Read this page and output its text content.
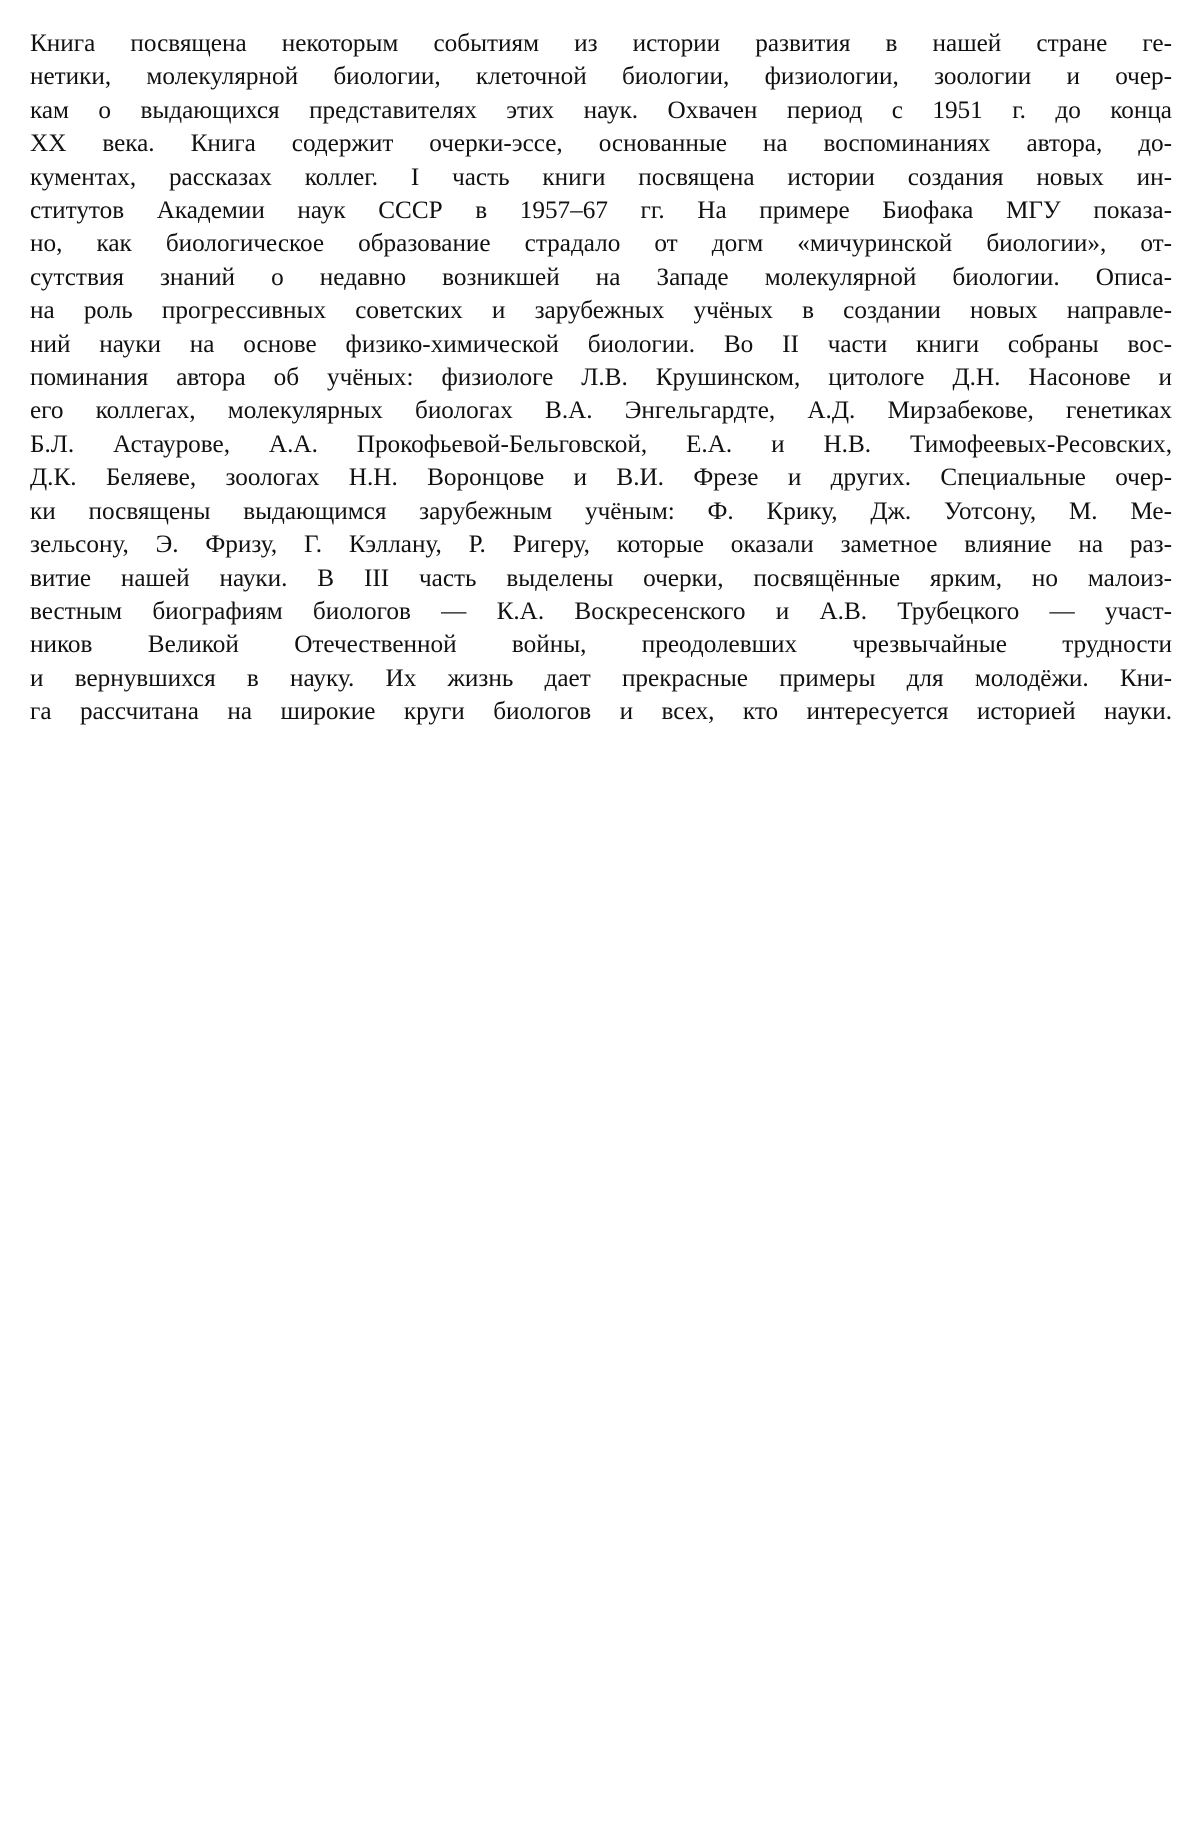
Книга посвящена некоторым событиям из истории развития в нашей стране ге-
нетики, молекулярной биологии, клеточной биологии, физиологии, зоологии и очер-
кам о выдающихся представителях этих наук. Охвачен период с 1951 г. до конца
XX века. Книга содержит очерки-эссе, основанные на воспоминаниях автора, до-
кументах, рассказах коллег. I часть книги посвящена истории создания новых ин-
ститутов Академии наук СССР в 1957–67 гг. На примере Биофака МГУ показа-
но, как биологическое образование страдало от догм «мичуринской биологии», от-
сутствия знаний о недавно возникшей на Западе молекулярной биологии. Описа-
на роль прогрессивных советских и зарубежных учёных в создании новых направле-
ний науки на основе физико-химической биологии. Во II части книги собраны вос-
поминания автора об учёных: физиологе Л.В. Крушинском, цитологе Д.Н. Насонове и
его коллегах, молекулярных биологах В.А. Энгельгардте, А.Д. Мирзабекове, генетиках
Б.Л. Астаурове, А.А. Прокофьевой-Бельговской, Е.А. и Н.В. Тимофеевых-Ресовских,
Д.К. Беляеве, зоологах Н.Н. Воронцове и В.И. Фрезе и других. Специальные очер-
ки посвящены выдающимся зарубежным учёным: Ф. Крику, Дж. Уотсону, М. Ме-
зельсону, Э. Фризу, Г. Кэллану, Р. Ригеру, которые оказали заметное влияние на раз-
витие нашей науки. В III часть выделены очерки, посвящённые ярким, но малоиз-
вестным биографиям биологов — К.А. Воскресенского и А.В. Трубецкого — участ-
ников Великой Отечественной войны, преодолевших чрезвычайные трудности
и вернувшихся в науку. Их жизнь дает прекрасные примеры для молодёжи. Кни-
га рассчитана на широкие круги биологов и всех, кто интересуется историей науки.
